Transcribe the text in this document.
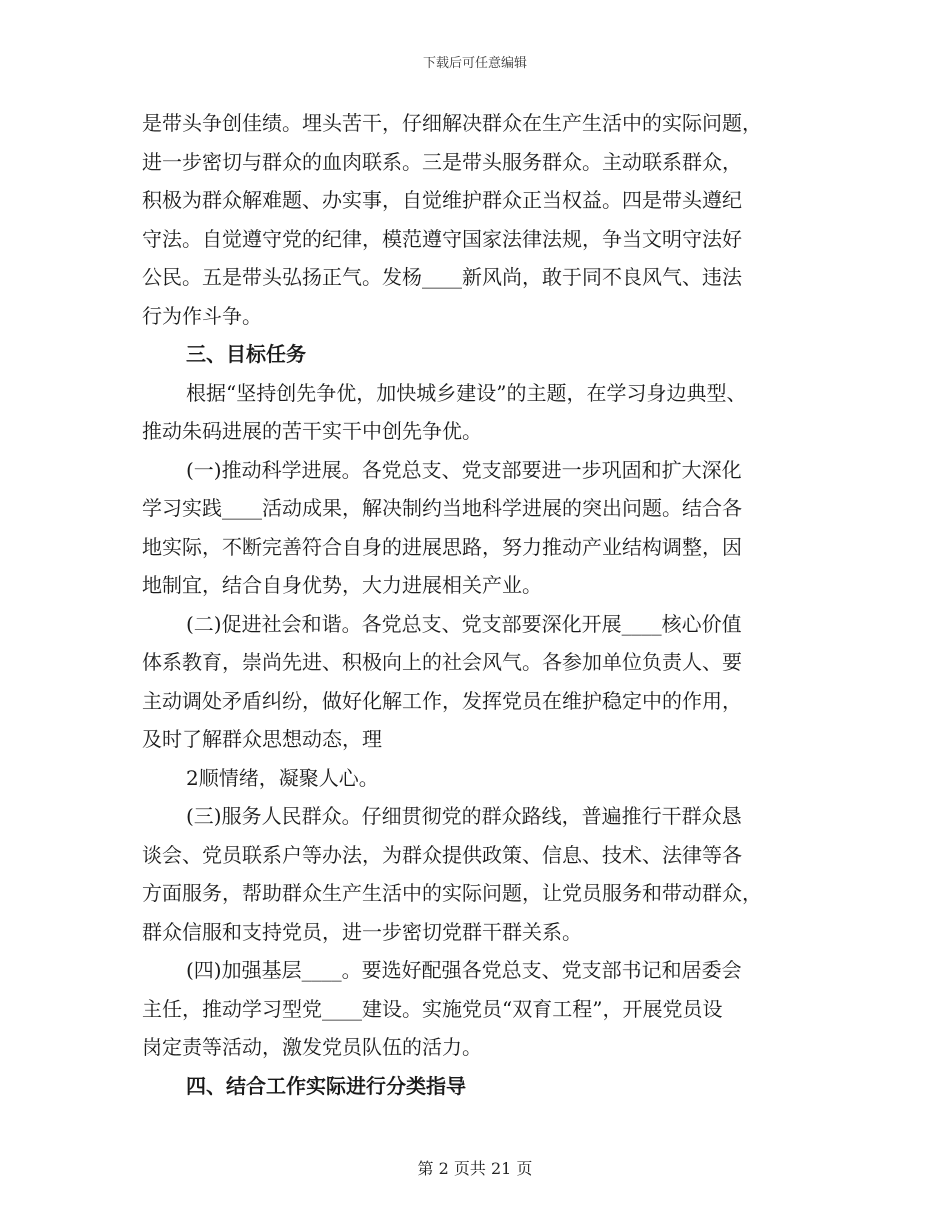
下载后可任意编辑
是带头争创佳绩。埋头苦干，仔细解决群众在生产生活中的实际问题，
进一步密切与群众的血肉联系。三是带头服务群众。主动联系群众，
积极为群众解难题、办实事，自觉维护群众正当权益。四是带头遵纪
守法。自觉遵守党的纪律，模范遵守国家法律法规，争当文明守法好
公民。五是带头弘扬正气。发杨____新风尚，敢于同不良风气、违法
行为作斗争。
三、目标任务
根据“坚持创先争优，加快城乡建设”的主题，在学习身边典型、
推动朱码进展的苦干实干中创先争优。
(一)推动科学进展。各党总支、党支部要进一步巩固和扩大深化
学习实践____活动成果，解决制约当地科学进展的突出问题。结合各
地实际，不断完善符合自身的进展思路，努力推动产业结构调整，因
地制宜，结合自身优势，大力进展相关产业。
(二)促进社会和谐。各党总支、党支部要深化开展____核心价值
体系教育，崇尚先进、积极向上的社会风气。各参加单位负责人、要
主动调处矛盾纠纷，做好化解工作，发挥党员在维护稳定中的作用，
及时了解群众思想动态，理
2顺情绪，凝聚人心。
(三)服务人民群众。仔细贯彻党的群众路线，普遍推行干群众恳
谈会、党员联系户等办法，为群众提供政策、信息、技术、法律等各
方面服务，帮助群众生产生活中的实际问题，让党员服务和带动群众，
群众信服和支持党员，进一步密切党群干群关系。
(四)加强基层____。要选好配强各党总支、党支部书记和居委会
主任，推动学习型党____建设。实施党员“双育工程”，开展党员设
岗定责等活动，激发党员队伍的活力。
四、结合工作实际进行分类指导
第 2 页共 21 页
